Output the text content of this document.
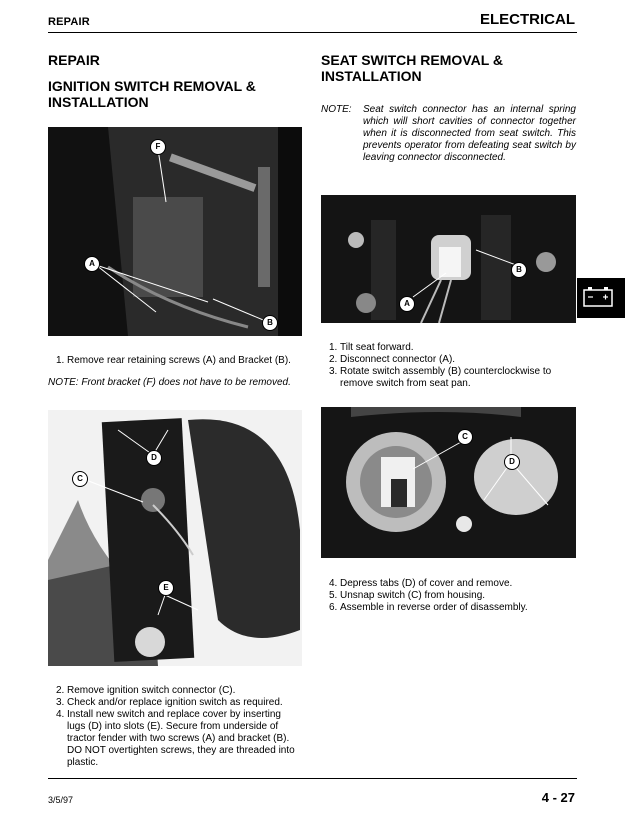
REPAIR	ELECTRICAL
REPAIR
IGNITION SWITCH REMOVAL &
INSTALLATION
F
A
B
1. Remove rear retaining screws (A) and Bracket (B).
NOTE: Front bracket (F) does not have to be removed.
D
C
E
2. Remove ignition switch connector (C).
3. Check and/or replace ignition switch as required.
4. Install new switch and replace cover by inserting lugs (D) into slots (E). Secure from underside of tractor fender with two screws (A) and bracket (B). DO NOT overtighten screws, they are threaded into plastic.
SEAT SWITCH REMOVAL &
INSTALLATION
NOTE:	Seat switch connector has an internal spring which will short cavities of connector together when it is disconnected from seat switch. This prevents operator from defeating seat switch by leaving connector disconnected.
B
A
1. Tilt seat forward.
2. Disconnect connector (A).
3. Rotate switch assembly (B) counterclockwise to remove switch from seat pan.
C
D
4. Depress tabs (D) of cover and remove.
5. Unsnap switch (C) from housing.
6. Assemble in reverse order of disassembly.
3/5/97	4 - 27
